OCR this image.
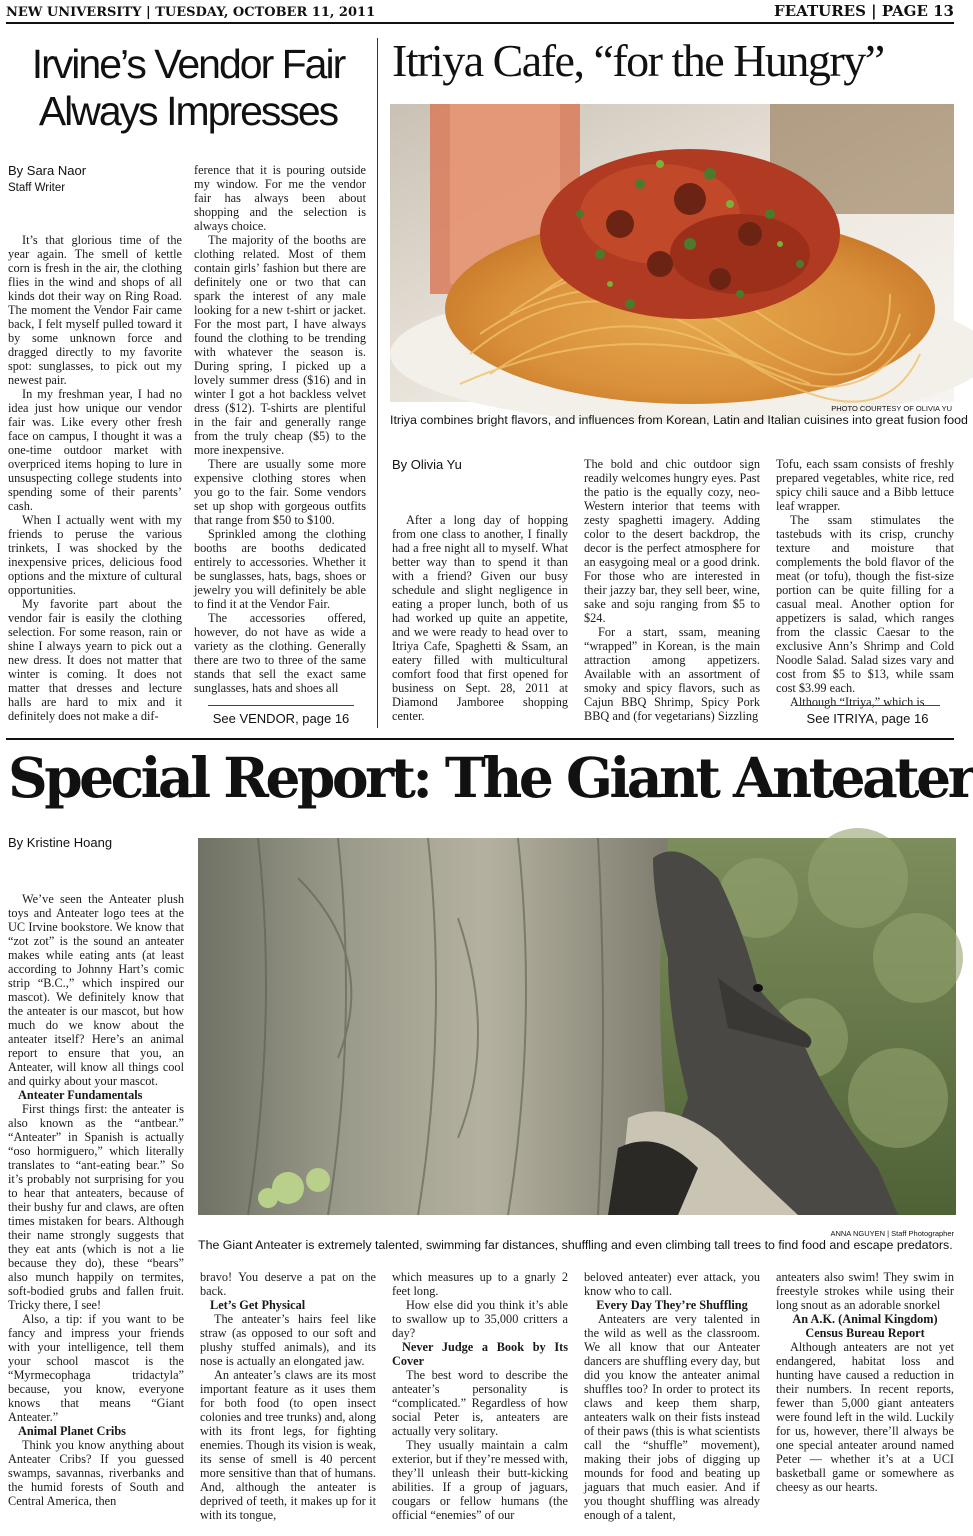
NEW UNIVERSITY | TUESDAY, OCTOBER 11, 2011	FEATURES | PAGE 13
Irvine’s Vendor Fair
Always Impresses
By Sara Naor
Staff Writer

It’s that glorious time of the year again. The smell of kettle corn is fresh in the air, the clothing flies in the wind and shops of all kinds dot their way on Ring Road. The moment the Vendor Fair came back, I felt myself pulled toward it by some unknown force and dragged directly to my favorite spot: sunglasses, to pick out my newest pair.

In my freshman year, I had no idea just how unique our vendor fair was. Like every other fresh face on campus, I thought it was a one-time outdoor market with overpriced items hoping to lure in unsuspecting college students into spending some of their parents’ cash.

When I actually went with my friends to peruse the various trinkets, I was shocked by the inexpensive prices, delicious food options and the mixture of cultural opportunities.

My favorite part about the vendor fair is easily the clothing selection. For some reason, rain or shine I always yearn to pick out a new dress. It does not matter that winter is coming. It does not matter that dresses and lecture halls are hard to mix and it definitely does not make a dif-

ference that it is pouring outside my window. For me the vendor fair has always been about shopping and the selection is always choice.

The majority of the booths are clothing related. Most of them contain girls’ fashion but there are definitely one or two that can spark the interest of any male looking for a new t-shirt or jacket. For the most part, I have always found the clothing to be trending with whatever the season is. During spring, I picked up a lovely summer dress ($16) and in winter I got a hot backless velvet dress ($12). T-shirts are plentiful in the fair and generally range from the truly cheap ($5) to the more inexpensive.

There are usually some more expensive clothing stores when you go to the fair. Some vendors set up shop with gorgeous outfits that range from $50 to $100.

Sprinkled among the clothing booths are booths dedicated entirely to accessories. Whether it be sunglasses, hats, bags, shoes or jewelry you will definitely be able to find it at the Vendor Fair.

The accessories offered, however, do not have as wide a variety as the clothing. Generally there are two to three of the same stands that sell the exact same sunglasses, hats and shoes all

See VENDOR, page 16
Itriya Cafe, “for the Hungry”
PHOTO COURTESY OF OLIVIA YU
Itriya combines bright flavors, and influences from Korean, Latin and Italian cuisines into great fusion food
By Olivia Yu

After a long day of hopping from one class to another, I finally had a free night all to myself. What better way than to spend it than with a friend? Given our busy schedule and slight negligence in eating a proper lunch, both of us had worked up quite an appetite, and we were ready to head over to Itriya Cafe, Spaghetti & Ssam, an eatery filled with multicultural comfort food that first opened for business on Sept. 28, 2011 at Diamond Jamboree shopping center.

The bold and chic outdoor sign readily welcomes hungry eyes. Past the patio is the equally cozy, neo-Western interior that teems with zesty spaghetti imagery. Adding color to the desert backdrop, the decor is the perfect atmosphere for an easygoing meal or a good drink. For those who are interested in their jazzy bar, they sell beer, wine, sake and soju ranging from $5 to $24.

For a start, ssam, meaning “wrapped” in Korean, is the main attraction among appetizers. Available with an assortment of smoky and spicy flavors, such as Cajun BBQ Shrimp, Spicy Pork BBQ and (for vegetarians) Sizzling

Tofu, each ssam consists of freshly prepared vegetables, white rice, red spicy chili sauce and a Bibb lettuce leaf wrapper.

The ssam stimulates the tastebuds with its crisp, crunchy texture and moisture that complements the bold flavor of the meat (or tofu), though the fist-size portion can be quite filling for a casual meal. Another option for appetizers is salad, which ranges from the classic Caesar to the exclusive Ann’s Shrimp and Cold Noodle Salad. Salad sizes vary and cost from $5 to $13, while ssam cost $3.99 each.

Although “Itriya,” which is

See ITRIYA, page 16
Special Report: The Giant Anteater
By Kristine Hoang
ANNA NGUYEN | Staff Photographer
The Giant Anteater is extremely talented, swimming far distances, shuffling and even climbing tall trees to find food and escape predators.

We’ve seen the Anteater plush toys and Anteater logo tees at the UC Irvine bookstore. We know that “zot zot” is the sound an anteater makes while eating ants (at least according to Johnny Hart’s comic strip “B.C.,” which inspired our mascot). We definitely know that the anteater is our mascot, but how much do we know about the anteater itself? Here’s an animal report to ensure that you, an Anteater, will know all things cool and quirky about your mascot.

Anteater Fundamentals

First things first: the anteater is also known as the “antbear.” “Anteater” in Spanish is actually “oso hormiguero,” which literally translates to “ant-eating bear.” So it’s probably not surprising for you to hear that anteaters, because of their bushy fur and claws, are often times mistaken for bears. Although their name strongly suggests that they eat ants (which is not a lie because they do), these “bears” also munch happily on termites, soft-bodied grubs and fallen fruit. Tricky there, I see!

Also, a tip: if you want to be fancy and impress your friends with your intelligence, tell them your school mascot is the “Myrmecophaga tridactyla” because, you know, everyone knows that means “Giant Anteater.”

Animal Planet Cribs

Think you know anything about Anteater Cribs? If you guessed swamps, savannas, riverbanks and the humid forests of South and Central America, then

bravo! You deserve a pat on the back.

Let’s Get Physical

The anteater’s hairs feel like straw (as opposed to our soft and plushy stuffed animals), and its nose is actually an elongated jaw.

An anteater’s claws are its most important feature as it uses them for both food (to open insect colonies and tree trunks) and, along with its front legs, for fighting enemies. Though its vision is weak, its sense of smell is 40 percent more sensitive than that of humans. And, although the anteater is deprived of teeth, it makes up for it with its tongue,

which measures up to a gnarly 2 feet long.

How else did you think it’s able to swallow up to 35,000 critters a day?

Never Judge a Book by Its Cover

The best word to describe the anteater’s personality is “complicated.” Regardless of how social Peter is, anteaters are actually very solitary.

They usually maintain a calm exterior, but if they’re messed with, they’ll unleash their butt-kicking abilities. If a group of jaguars, cougars or fellow humans (the official “enemies” of our

beloved anteater) ever attack, you know who to call.

Every Day They’re Shuffling

Anteaters are very talented in the wild as well as the classroom. We all know that our Anteater dancers are shuffling every day, but did you know the anteater animal shuffles too? In order to protect its claws and keep them sharp, anteaters walk on their fists instead of their paws (this is what scientists call the “shuffle” movement), making their jobs of digging up mounds for food and beating up jaguars that much easier. And if you thought shuffling was already enough of a talent,

anteaters also swim! They swim in freestyle strokes while using their long snout as an adorable snorkel

An A.K. (Animal Kingdom) Census Bureau Report

Although anteaters are not yet endangered, habitat loss and hunting have caused a reduction in their numbers. In recent reports, fewer than 5,000 giant anteaters were found left in the wild. Luckily for us, however, there’ll always be one special anteater around named Peter — whether it’s at a UCI basketball game or somewhere as cheesy as our hearts.
